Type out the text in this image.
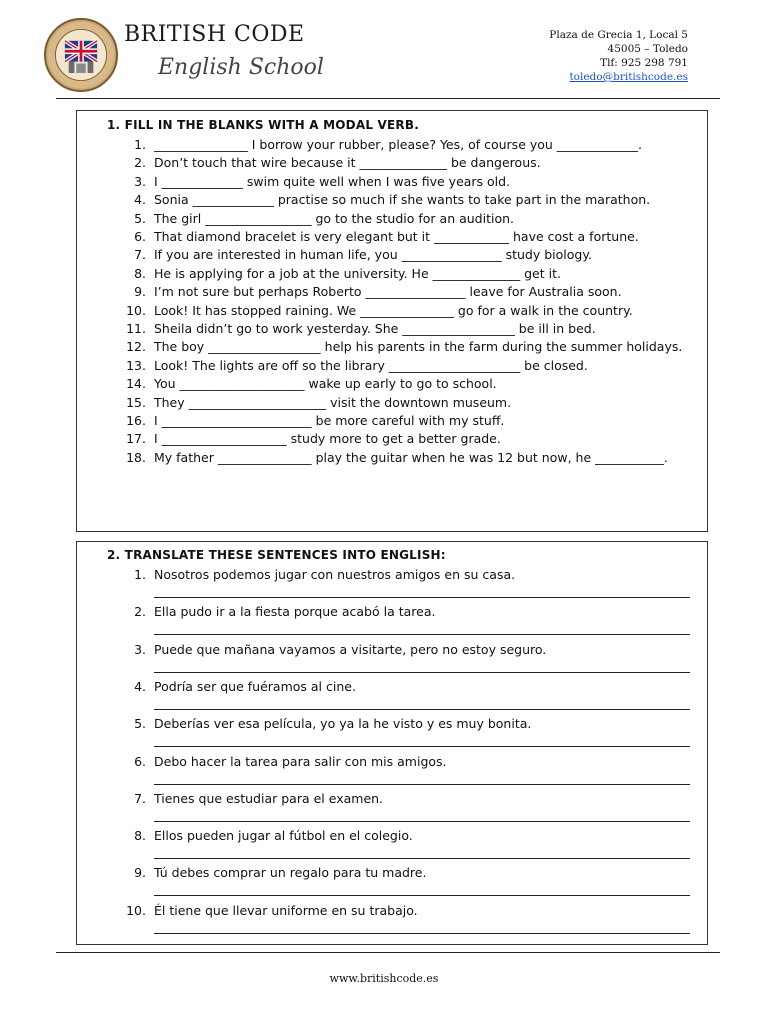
BRITISH CODE
English School
Plaza de Grecia 1, Local 5
45005 – Toledo
Tlf: 925 298 791
toledo@britishcode.es
1. FILL IN THE BLANKS WITH A MODAL VERB.
1. _______________ I borrow your rubber, please? Yes, of course you _____________.
2. Don’t touch that wire because it ______________ be dangerous.
3. I _____________ swim quite well when I was five years old.
4. Sonia _____________ practise so much if she wants to take part in the marathon.
5. The girl _________________ go to the studio for an audition.
6. That diamond bracelet is very elegant but it ____________ have cost a fortune.
7. If you are interested in human life, you ________________ study biology.
8. He is applying for a job at the university. He ______________ get it.
9. I’m not sure but perhaps Roberto ________________ leave for Australia soon.
10. Look! It has stopped raining. We _______________ go for a walk in the country.
11. Sheila didn’t go to work yesterday. She __________________ be ill in bed.
12. The boy __________________ help his parents in the farm during the summer holidays.
13. Look! The lights are off so the library _____________________ be closed.
14. You ____________________ wake up early to go to school.
15. They ______________________ visit the downtown museum.
16. I ________________________ be more careful with my stuff.
17. I ____________________ study more to get a better grade.
18. My father _______________ play the guitar when he was 12 but now, he ___________.
2. TRANSLATE THESE SENTENCES INTO ENGLISH:
1. Nosotros podemos jugar con nuestros amigos en su casa.
2. Ella pudo ir a la fiesta porque acabó la tarea.
3. Puede que mañana vayamos a visitarte, pero no estoy seguro.
4. Podría ser que fuéramos al cine.
5. Deberías ver esa película, yo ya la he visto y es muy bonita.
6. Debo hacer la tarea para salir con mis amigos.
7. Tienes que estudiar para el examen.
8. Ellos pueden jugar al fútbol en el colegio.
9. Tú debes comprar un regalo para tu madre.
10. Él tiene que llevar uniforme en su trabajo.
www.britishcode.es
